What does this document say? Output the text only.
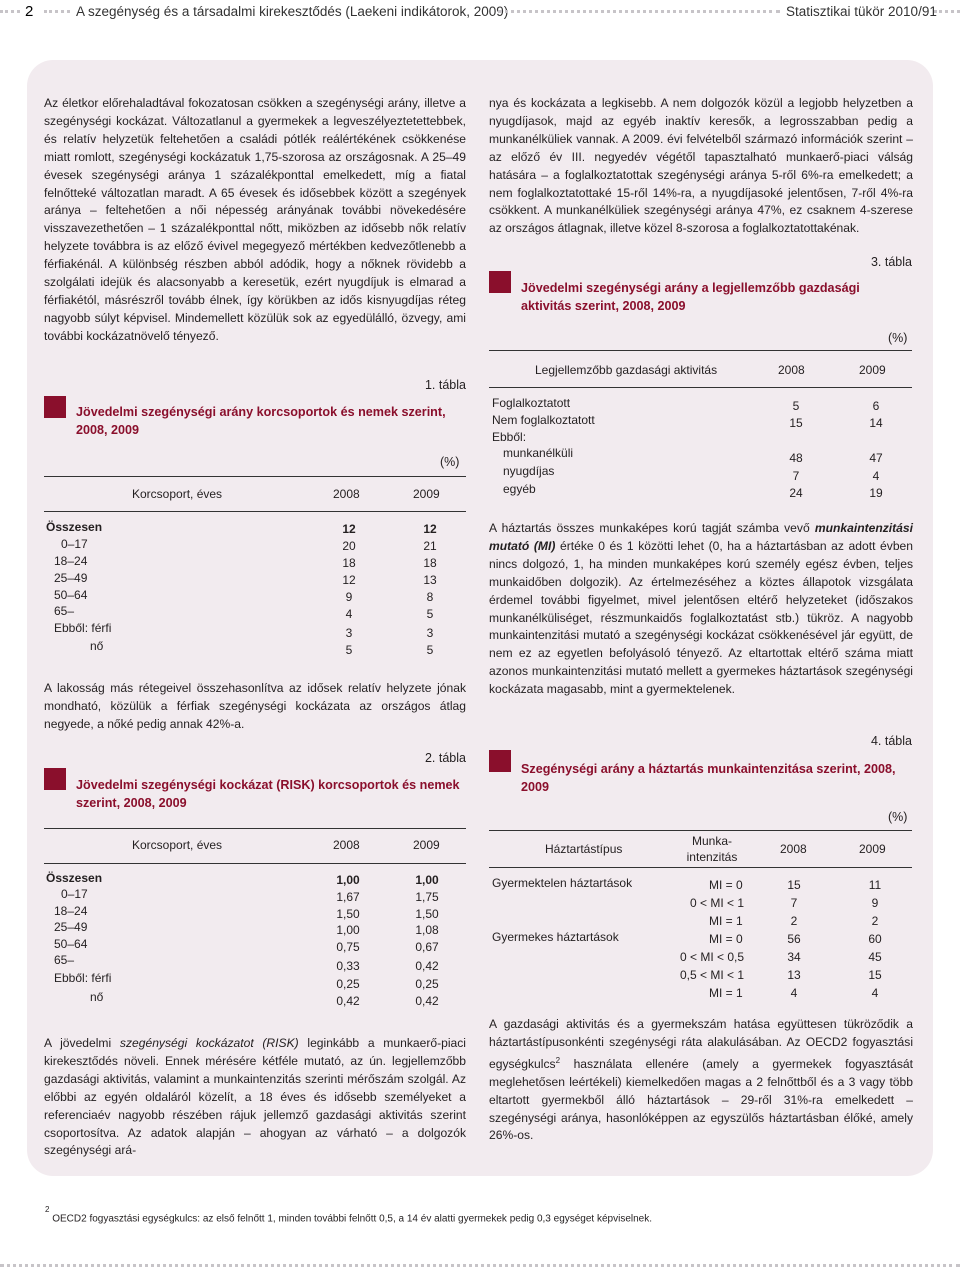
2	A szegénység és a társadalmi kirekesztődés (Laekeni indikátorok, 2009)	Statisztikai tükör 2010/91

Az életkor előrehaladtával fokozatosan csökken a szegénységi arány, illetve a szegénységi kockázat. Változatlanul a gyermekek a legveszélyeztetettebbek, és relatív helyzetük feltehetően a családi pótlék reálértékének csökkenése miatt romlott, szegénységi kockázatuk 1,75-szorosa az országosnak. A 25–49 évesek szegénységi aránya 1 százalékponttal emelkedett, míg a fiatal felnőtteké változatlan maradt. A 65 évesek és idősebbek között a szegények aránya – feltehetően a női népesség arányának további növekedésére visszavezethetően – 1 százalékponttal nőtt, miközben az idősebb nők relatív helyzete továbbra is az előző évivel megegyező mértékben kedvezőtlenebb a férfiakénál. A különbség részben abból adódik, hogy a nőknek rövidebb a szolgálati idejük és alacsonyabb a keresetük, ezért nyugdíjuk is elmarad a férfiakétól, másrészről tovább élnek, így körükben az idős kisnyugdíjas réteg nagyobb súlyt képvisel. Mindemellett közülük sok az egyedülálló, özvegy, ami további kockázatnövelő tényező.

1. tábla
Jövedelmi szegénységi arány korcsoportok és nemek szerint, 2008, 2009
(%)
Korcsoport, éves	2008	2009
Összesen	12	12
0–17	20	21
18–24	18	18
25–49	12	13
50–64	9	8
65–	4	5
Ebből: férfi	3	3
nő	5	5

A lakosság más rétegeivel összehasonlítva az idősek relatív helyzete jónak mondható, közülük a férfiak szegénységi kockázata az országos átlag negyede, a nőké pedig annak 42%-a.

2. tábla
Jövedelmi szegénységi kockázat (RISK) korcsoportok és nemek szerint, 2008, 2009
Korcsoport, éves	2008	2009
Összesen	1,00	1,00
0–17	1,67	1,75
18–24	1,50	1,50
25–49	1,00	1,08
50–64	0,75	0,67
65–	0,33	0,42
Ebből: férfi	0,25	0,25
nő	0,42	0,42

A jövedelmi szegénységi kockázatot (RISK) leginkább a munkaerő-piaci kirekesztődés növeli. Ennek mérésére kétféle mutató, az ún. legjellemzőbb gazdasági aktivitás, valamint a munkaintenzitás szerinti mérőszám szolgál. Az előbbi az egyén oldaláról közelít, a 18 éves és idősebb személyeket a referenciaév nagyobb részében rájuk jellemző gazdasági aktivitás szerint csoportosítva. Az adatok alapján – ahogyan az várható – a dolgozók szegénységi ará-

nya és kockázata a legkisebb. A nem dolgozók közül a legjobb helyzetben a nyugdíjasok, majd az egyéb inaktív keresők, a legrosszabban pedig a munkanélküliek vannak. A 2009. évi felvételből származó információk szerint – az előző év III. negyedév végétől tapasztalható munkaerő-piaci válság hatására – a foglalkoztatottak szegénységi aránya 5-ről 6%-ra emelkedett; a nem foglalkoztatottaké 15-ről 14%-ra, a nyugdíjasoké jelentősen, 7-ről 4%-ra csökkent. A munkanélküliek szegénységi aránya 47%, ez csaknem 4-szerese az országos átlagnak, illetve közel 8-szorosa a foglalkoztatottakénak.

3. tábla
Jövedelmi szegénységi arány a legjellemzőbb gazdasági aktivitás szerint, 2008, 2009
(%)
Legjellemzőbb gazdasági aktivitás	2008	2009
Foglalkoztatott	5	6
Nem foglalkoztatott	15	14
Ebből:
munkanélküli	48	47
nyugdíjas	7	4
egyéb	24	19

A háztartás összes munkaképes korú tagját számba vevő munkaintenzitási mutató (MI) értéke 0 és 1 közötti lehet (0, ha a háztartásban az adott évben nincs dolgozó, 1, ha minden munkaképes korú személy egész évben, teljes munkaidőben dolgozik). Az értelmezéséhez a köztes állapotok vizsgálata érdemel további figyelmet, mivel jelentősen eltérő helyzeteket (időszakos munkanélküliséget, részmunkaidős foglalkoztatást stb.) tükröz. A nagyobb munkaintenzitási mutató a szegénységi kockázat csökkenésével jár együtt, de nem ez az egyetlen befolyásoló tényező. Az eltartottak eltérő száma miatt azonos munkaintenzitási mutató mellett a gyermekes háztartások szegénységi kockázata magasabb, mint a gyermektelenek.

4. tábla
Szegénységi arány a háztartás munkaintenzitása szerint, 2008, 2009
(%)
Háztartástípus
Munka-
intenzitás
2008	2009
Gyermektelen háztartások	MI = 0	15	11
0 < MI < 1	7	9
MI = 1	2	2
Gyermekes háztartások	MI = 0	56	60
0 < MI < 0,5	34	45
0,5 < MI < 1	13	15
MI = 1	4	4

A gazdasági aktivitás és a gyermekszám hatása együttesen tükröződik a háztartástípusonkénti szegénységi ráta alakulásában. Az OECD2 fogyasztási egységkulcs$^2$ használata ellenére (amely a gyermekek fogyasztását meglehetősen leértékeli) kiemelkedően magas a 2 felnőttből és a 3 vagy több eltartott gyermekből álló háztartások – 29-ről 31%-ra emelkedett – szegénységi aránya, hasonlóképpen az egyszülős háztartásban élőké, amely 26%-os.

$^2$ OECD2 fogyasztási egységkulcs: az első felnőtt 1, minden további felnőtt 0,5, a 14 év alatti gyermekek pedig 0,3 egységet képviselnek.
